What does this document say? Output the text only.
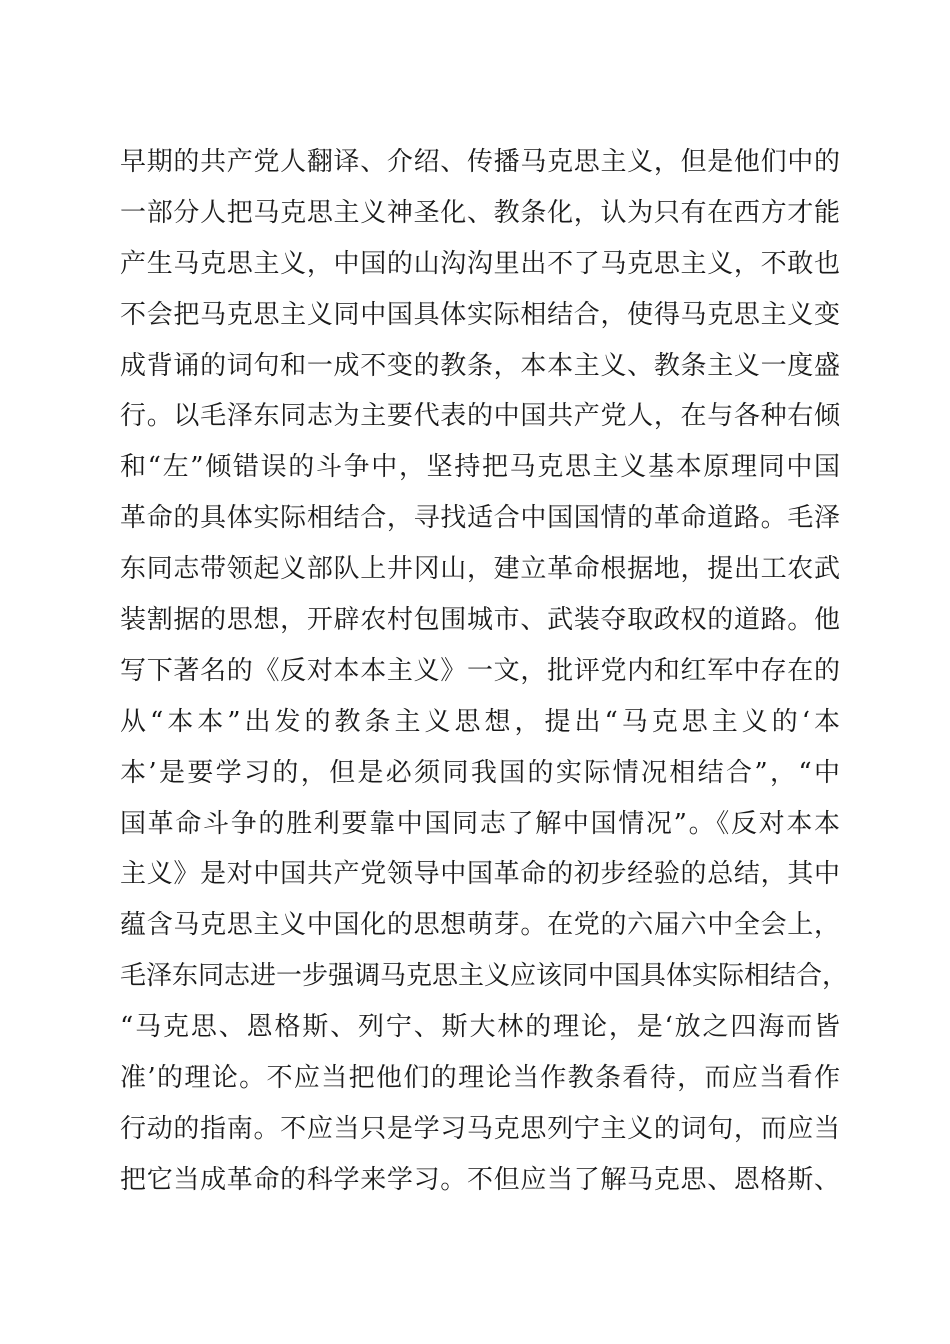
早期的共产党人翻译、介绍、传播马克思主义，但是他们中的
一部分人把马克思主义神圣化、教条化，认为只有在西方才能
产生马克思主义，中国的山沟沟里出不了马克思主义，不敢也
不会把马克思主义同中国具体实际相结合，使得马克思主义变
成背诵的词句和一成不变的教条，本本主义、教条主义一度盛
行。以毛泽东同志为主要代表的中国共产党人，在与各种右倾
和“左”倾错误的斗争中，坚持把马克思主义基本原理同中国
革命的具体实际相结合，寻找适合中国国情的革命道路。毛泽
东同志带领起义部队上井冈山，建立革命根据地，提出工农武
装割据的思想，开辟农村包围城市、武装夺取政权的道路。他
写下著名的《反对本本主义》一文，批评党内和红军中存在的
从“本本”出发的教条主义思想，提出“马克思主义的‘本
本’是要学习的，但是必须同我国的实际情况相结合”，“中
国革命斗争的胜利要靠中国同志了解中国情况”。《反对本本
主义》是对中国共产党领导中国革命的初步经验的总结，其中
蕴含马克思主义中国化的思想萌芽。在党的六届六中全会上，
毛泽东同志进一步强调马克思主义应该同中国具体实际相结合，
“马克思、恩格斯、列宁、斯大林的理论，是‘放之四海而皆
准’的理论。不应当把他们的理论当作教条看待，而应当看作
行动的指南。不应当只是学习马克思列宁主义的词句，而应当
把它当成革命的科学来学习。不但应当了解马克思、恩格斯、
